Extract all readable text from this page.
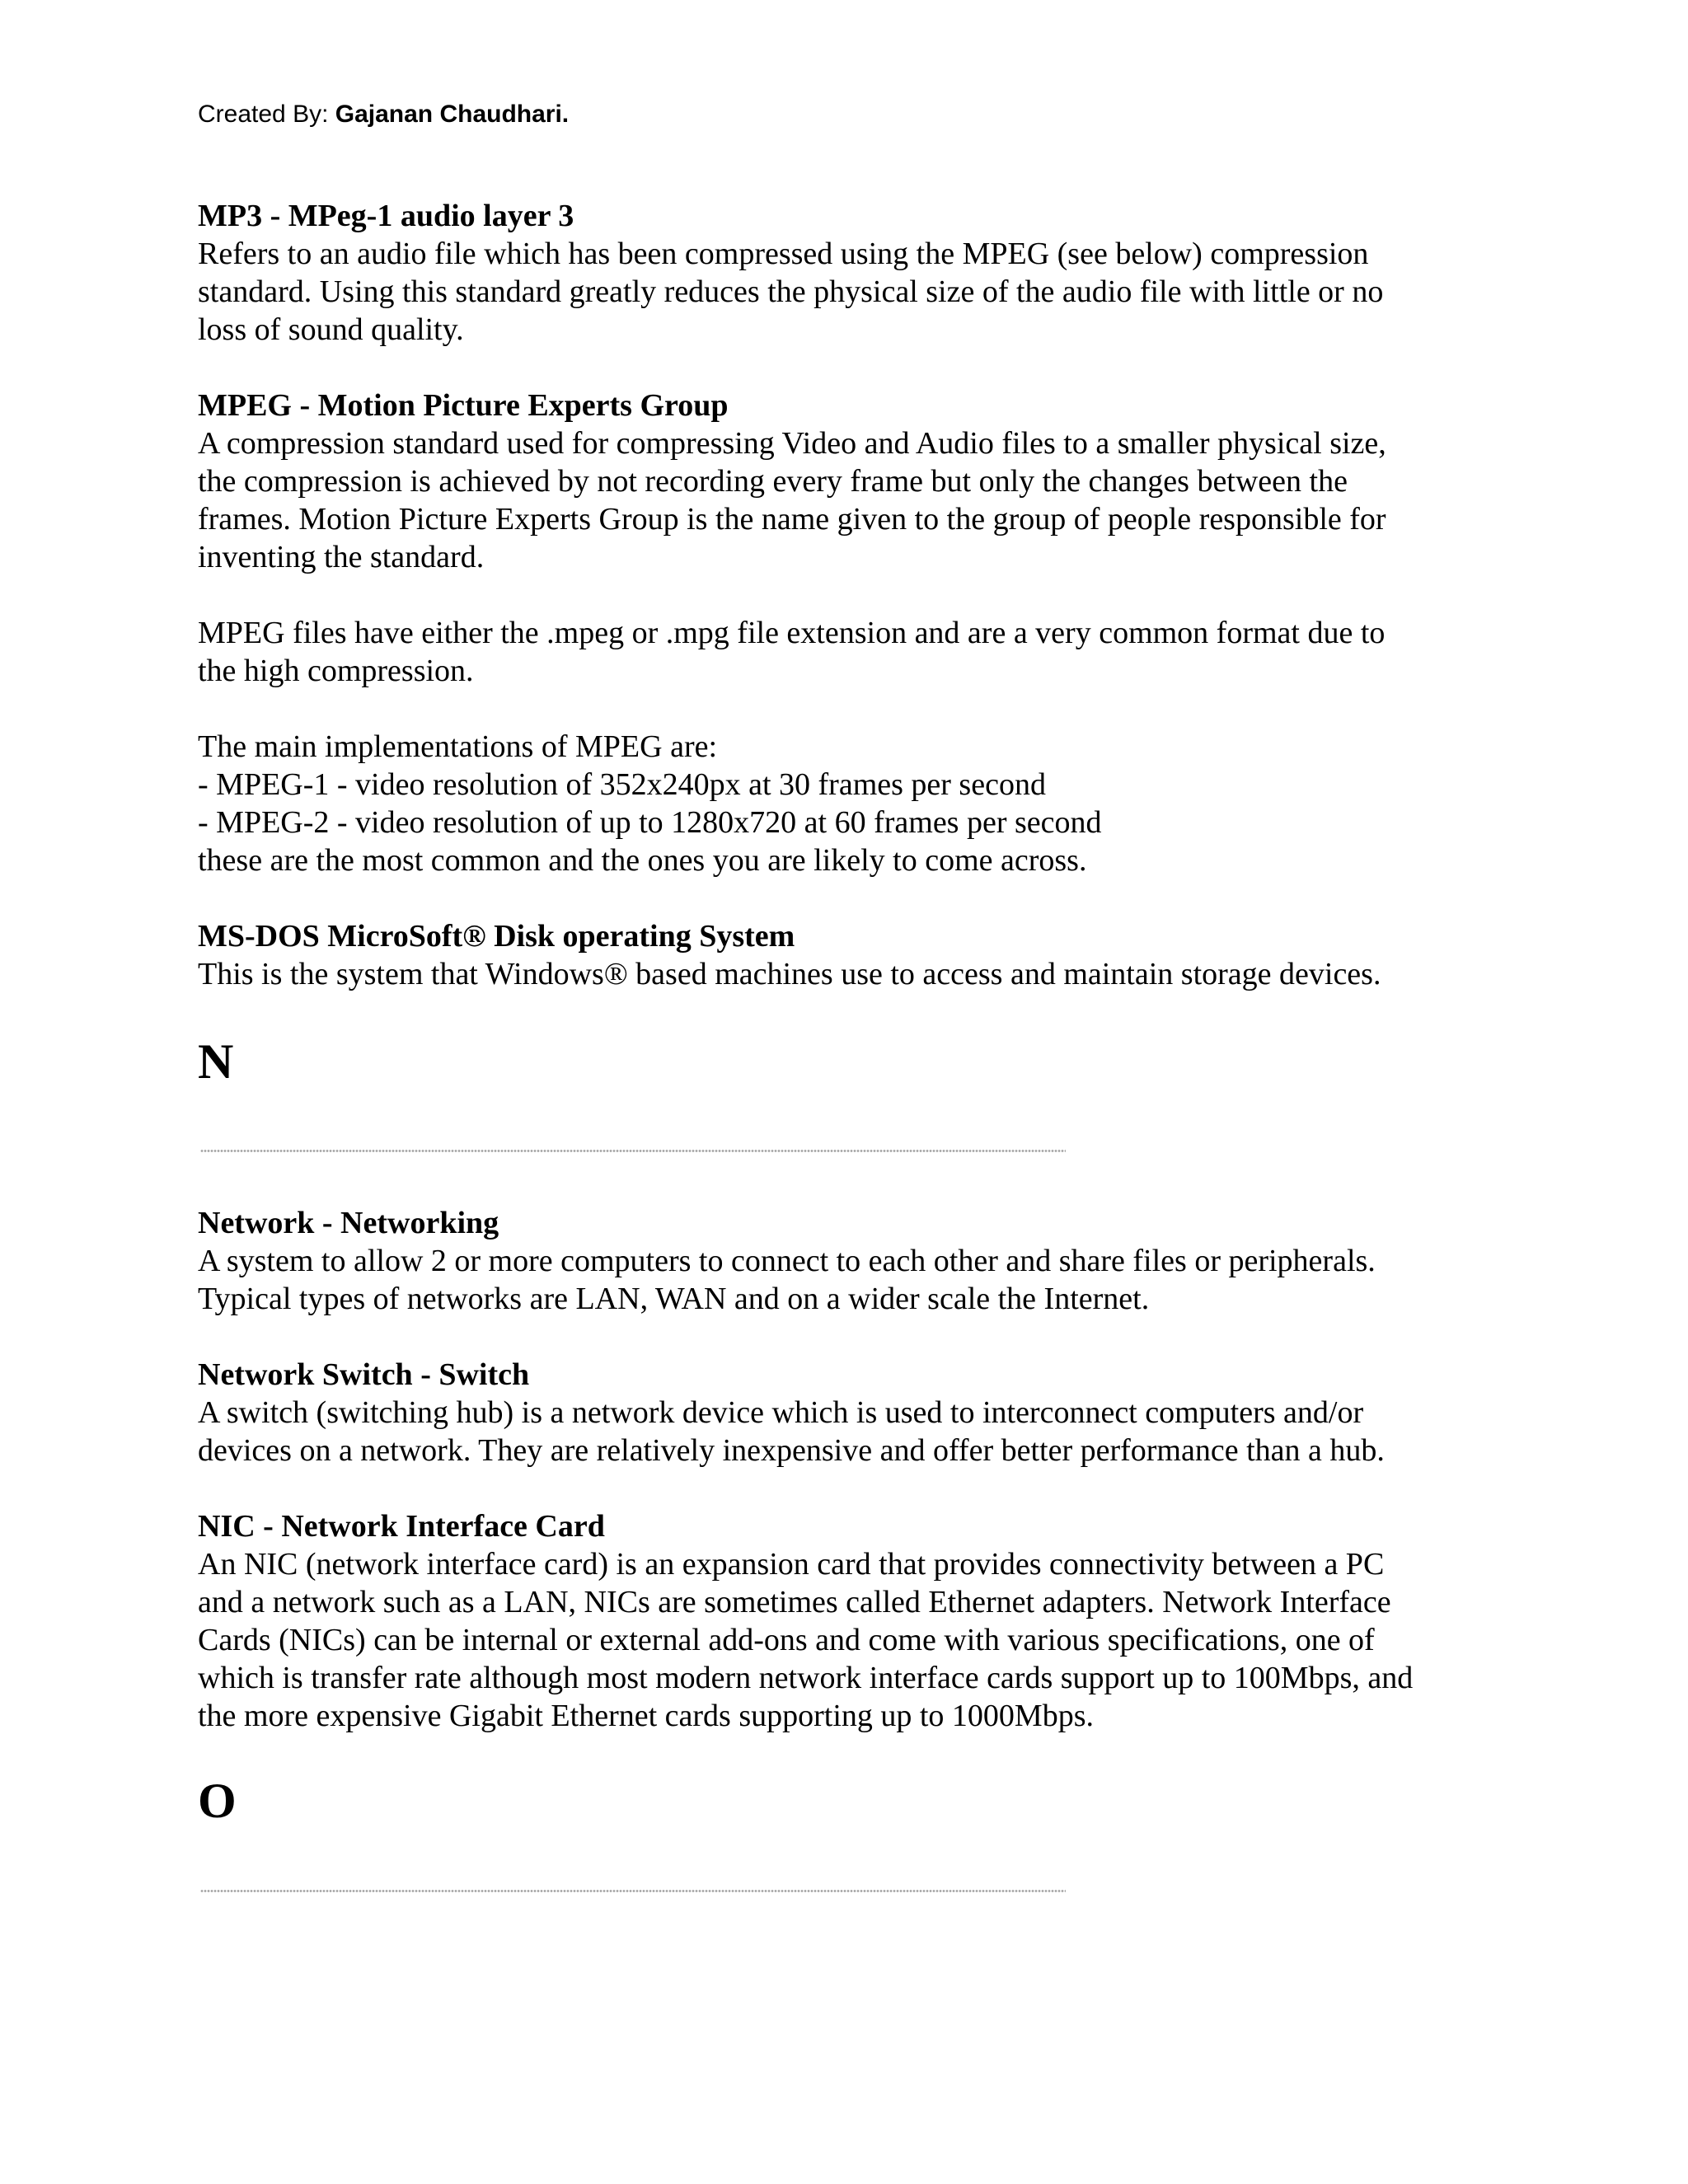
Created By: Gajanan Chaudhari.
MP3 - MPeg-1 audio layer 3
Refers to an audio file which has been compressed using the MPEG (see below) compression
standard. Using this standard greatly reduces the physical size of the audio file with little or no
loss of sound quality.
MPEG - Motion Picture Experts Group
A compression standard used for compressing Video and Audio files to a smaller physical size,
the compression is achieved by not recording every frame but only the changes between the
frames. Motion Picture Experts Group is the name given to the group of people responsible for
inventing the standard.
MPEG files have either the .mpeg or .mpg file extension and are a very common format due to
the high compression.
The main implementations of MPEG are:
- MPEG-1 - video resolution of 352x240px at 30 frames per second
- MPEG-2 - video resolution of up to 1280x720 at 60 frames per second
these are the most common and the ones you are likely to come across.
MS-DOS MicroSoft® Disk operating System
This is the system that Windows® based machines use to access and maintain storage devices.
N
Network - Networking
A system to allow 2 or more computers to connect to each other and share files or peripherals.
Typical types of networks are LAN, WAN and on a wider scale the Internet.
Network Switch - Switch
A switch (switching hub) is a network device which is used to interconnect computers and/or
devices on a network. They are relatively inexpensive and offer better performance than a hub.
NIC - Network Interface Card
An NIC (network interface card) is an expansion card that provides connectivity between a PC
and a network such as a LAN, NICs are sometimes called Ethernet adapters. Network Interface
Cards (NICs) can be internal or external add-ons and come with various specifications, one of
which is transfer rate although most modern network interface cards support up to 100Mbps, and
the more expensive Gigabit Ethernet cards supporting up to 1000Mbps.
O
